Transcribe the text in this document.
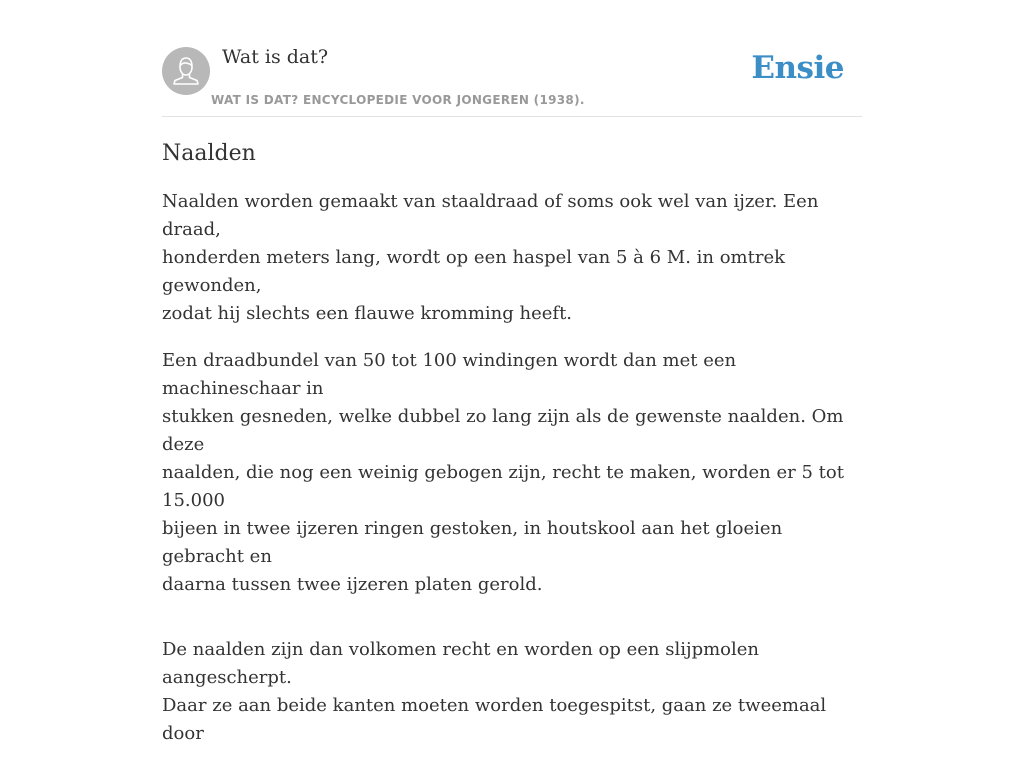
Wat is dat?
WAT IS DAT? ENCYCLOPEDIE VOOR JONGEREN (1938).
Ensie
Naalden

Naalden worden gemaakt van staaldraad of soms ook wel van ijzer. Een draad,
honderden meters lang, wordt op een haspel van 5 à 6 M. in omtrek gewonden,
zodat hij slechts een flauwe kromming heeft.

Een draadbundel van 50 tot 100 windingen wordt dan met een machineschaar in
stukken gesneden, welke dubbel zo lang zijn als de gewenste naalden. Om deze
naalden, die nog een weinig gebogen zijn, recht te maken, worden er 5 tot 15.000
bijeen in twee ijzeren ringen gestoken, in houtskool aan het gloeien gebracht en
daarna tussen twee ijzeren platen gerold.

De naalden zijn dan volkomen recht en worden op een slijpmolen aangescherpt.
Daar ze aan beide kanten moeten worden toegespitst, gaan ze tweemaal door
